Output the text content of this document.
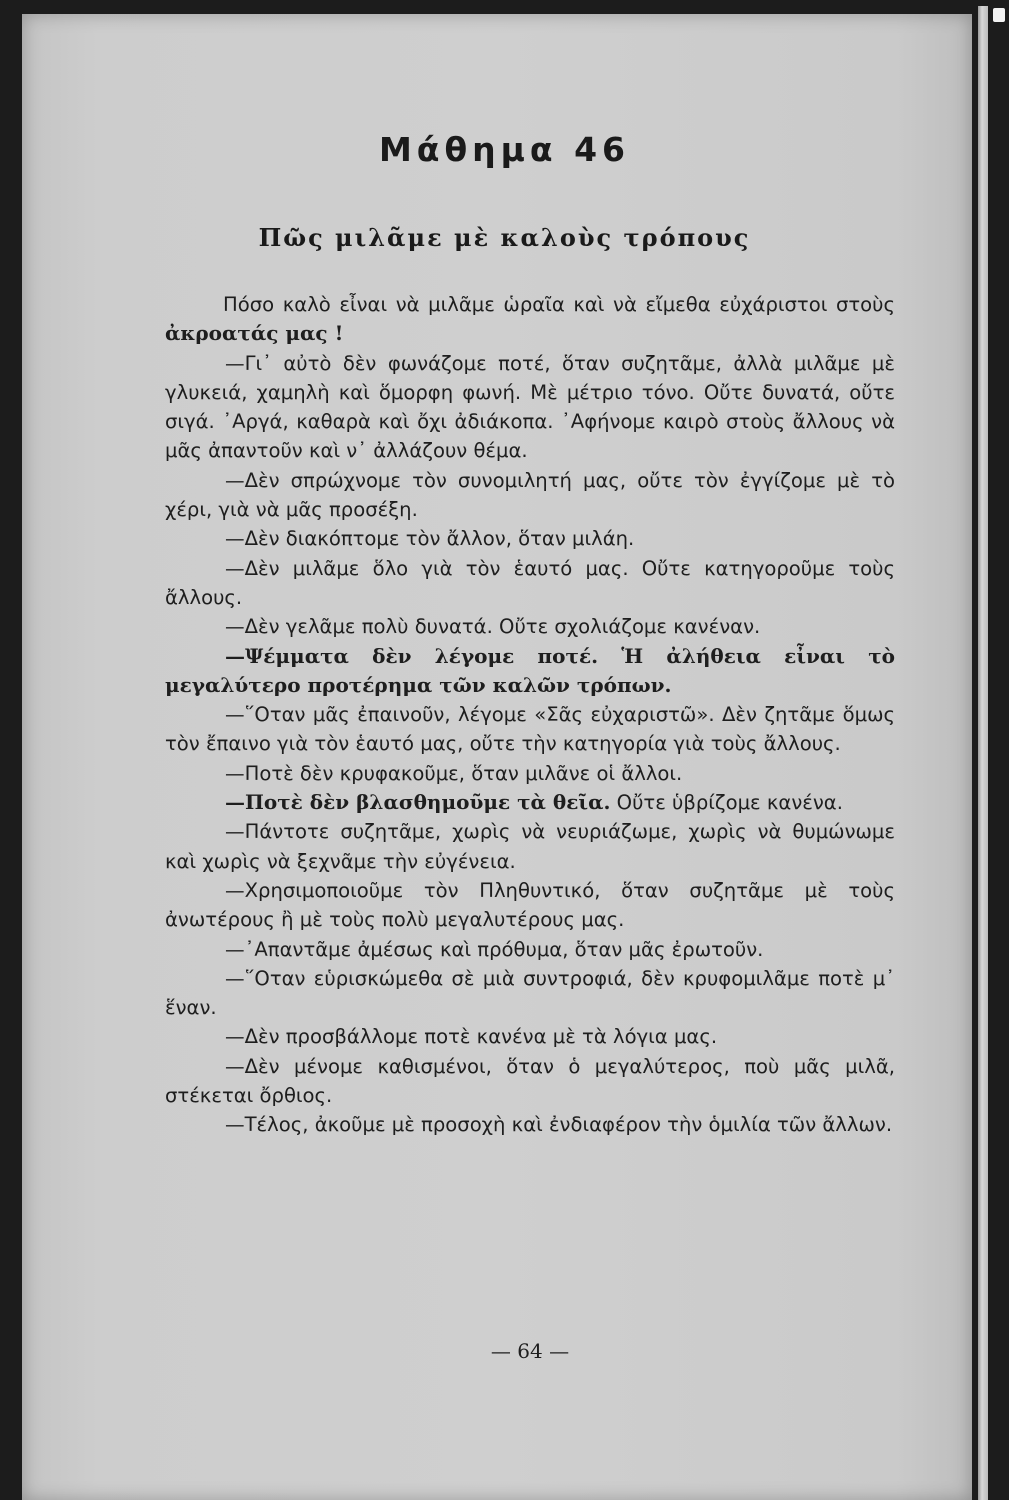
Μάθημα 46
Πῶς μιλᾶμε μὲ καλοὺς τρόπους

Πόσο καλὸ εἶναι νὰ μιλᾶμε ὡραῖα καὶ νὰ εἴμεθα εὐχάριστοι στοὺς ἀκροατάς μας !

—Γι᾿ αὐτὸ δὲν φωνάζομε ποτέ, ὅταν συζητᾶμε, ἀλλὰ μιλᾶμε μὲ γλυκειά, χαμηλὴ καὶ ὅμορφη φωνή. Μὲ μέτριο τόνο. Οὔτε δυνατά, οὔτε σιγά. ᾿Αργά, καθαρὰ καὶ ὄχι ἀδιάκοπα. ᾿Αφήνομε καιρὸ στοὺς ἄλλους νὰ μᾶς ἀπαντοῦν καὶ ν᾿ ἀλλάζουν θέμα.

—Δὲν σπρώχνομε τὸν συνομιλητή μας, οὔτε τὸν ἐγγίζομε μὲ τὸ χέρι, γιὰ νὰ μᾶς προσέξη.

—Δὲν διακόπτομε τὸν ἄλλον, ὅταν μιλάη.

—Δὲν μιλᾶμε ὅλο γιὰ τὸν ἑαυτό μας. Οὔτε κατηγοροῦμε τοὺς ἄλλους.

—Δὲν γελᾶμε πολὺ δυνατά. Οὔτε σχολιάζομε κανέναν.

—Ψέμματα δὲν λέγομε ποτέ. Ἡ ἀλήθεια εἶναι τὸ μεγαλύτερο προτέρημα τῶν καλῶν τρόπων.

—῞Οταν μᾶς ἐπαινοῦν, λέγομε «Σᾶς εὐχαριστῶ». Δὲν ζητᾶμε ὅμως τὸν ἔπαινο γιὰ τὸν ἑαυτό μας, οὔτε τὴν κατηγορία γιὰ τοὺς ἄλλους.

—Ποτὲ δὲν κρυφακοῦμε, ὅταν μιλᾶνε οἱ ἄλλοι.

—Ποτὲ δὲν βλασθημοῦμε τὰ θεῖα. Οὔτε ὑβρίζομε κανένα.

—Πάντοτε συζητᾶμε, χωρὶς νὰ νευριάζωμε, χωρὶς νὰ θυμώνωμε καὶ χωρὶς νὰ ξεχνᾶμε τὴν εὐγένεια.

—Χρησιμοποιοῦμε τὸν Πληθυντικό, ὅταν συζητᾶμε μὲ τοὺς ἀνωτέρους ἢ μὲ τοὺς πολὺ μεγαλυτέρους μας.

—᾿Απαντᾶμε ἀμέσως καὶ πρόθυμα, ὅταν μᾶς ἐρωτοῦν.

—῞Οταν εὑρισκώμεθα σὲ μιὰ συντροφιά, δὲν κρυφομιλᾶμε ποτὲ μ᾿ ἕναν.

—Δὲν προσβάλλομε ποτὲ κανένα μὲ τὰ λόγια μας.

—Δὲν μένομε καθισμένοι, ὅταν ὁ μεγαλύτερος, ποὺ μᾶς μιλᾶ, στέκεται ὄρθιος.

—Τέλος, ἀκοῦμε μὲ προσοχὴ καὶ ἐνδιαφέρον τὴν ὁμιλία τῶν ἄλλων.

— 64 —
